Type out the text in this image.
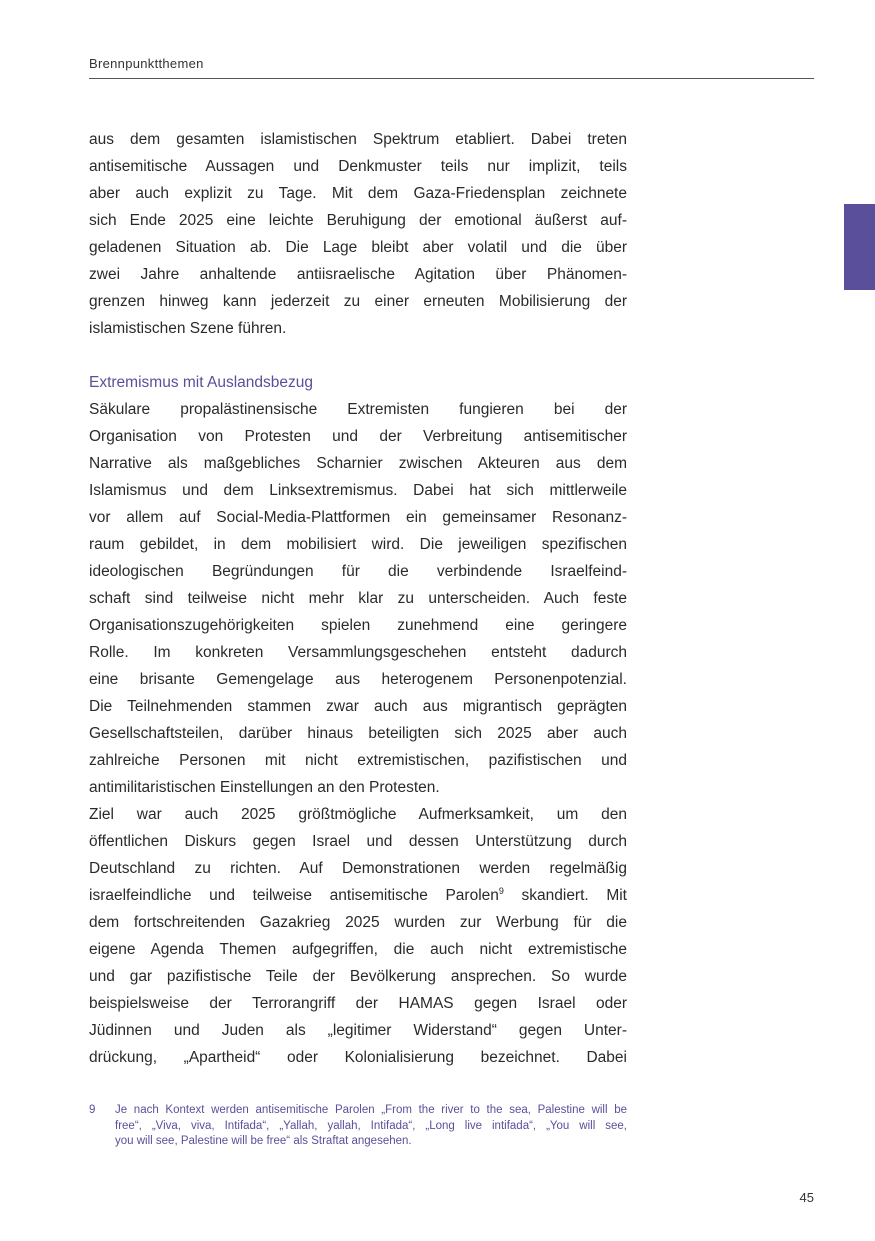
Brennpunktthemen
aus dem gesamten islamistischen Spektrum etabliert. Dabei treten
antisemitische Aussagen und Denkmuster teils nur implizit, teils
aber auch explizit zu Tage. Mit dem Gaza-Friedensplan zeichnete
sich Ende 2025 eine leichte Beruhigung der emotional äußerst auf-
geladenen Situation ab. Die Lage bleibt aber volatil und die über
zwei Jahre anhaltende antiisraelische Agitation über Phänomen-
grenzen hinweg kann jederzeit zu einer erneuten Mobilisierung der
islamistischen Szene führen.
Extremismus mit Auslandsbezug
Säkulare propalästinensische Extremisten fungieren bei der
Organisation von Protesten und der Verbreitung antisemitischer
Narrative als maßgebliches Scharnier zwischen Akteuren aus dem
Islamismus und dem Linksextremismus. Dabei hat sich mittlerweile
vor allem auf Social-Media-Plattformen ein gemeinsamer Resonanz-
raum gebildet, in dem mobilisiert wird. Die jeweiligen spezifischen
ideologischen Begründungen für die verbindende Israelfeind-
schaft sind teilweise nicht mehr klar zu unterscheiden. Auch feste
Organisationszugehörigkeiten spielen zunehmend eine geringere
Rolle. Im konkreten Versammlungsgeschehen entsteht dadurch
eine brisante Gemengelage aus heterogenem Personenpotenzial.
Die Teilnehmenden stammen zwar auch aus migrantisch geprägten
Gesellschaftsteilen, darüber hinaus beteiligten sich 2025 aber auch
zahlreiche Personen mit nicht extremistischen, pazifistischen und
antimilitaristischen Einstellungen an den Protesten.
Ziel war auch 2025 größtmögliche Aufmerksamkeit, um den
öffentlichen Diskurs gegen Israel und dessen Unterstützung durch
Deutschland zu richten. Auf Demonstrationen werden regelmäßig
israelfeindliche und teilweise antisemitische Parolen$^9$ skandiert. Mit
dem fortschreitenden Gazakrieg 2025 wurden zur Werbung für die
eigene Agenda Themen aufgegriffen, die auch nicht extremistische
und gar pazifistische Teile der Bevölkerung ansprechen. So wurde
beispielsweise der Terrorangriff der HAMAS gegen Israel oder
Jüdinnen und Juden als „legitimer Widerstand“ gegen Unter-
drückung, „Apartheid“ oder Kolonialisierung bezeichnet. Dabei
9	Je nach Kontext werden antisemitische Parolen „From the river to the sea, Palestine will be
free“, „Viva, viva, Intifada“, „Yallah, yallah, Intifada“, „Long live intifada“, „You will see,
you will see, Palestine will be free“ als Straftat angesehen.
45
